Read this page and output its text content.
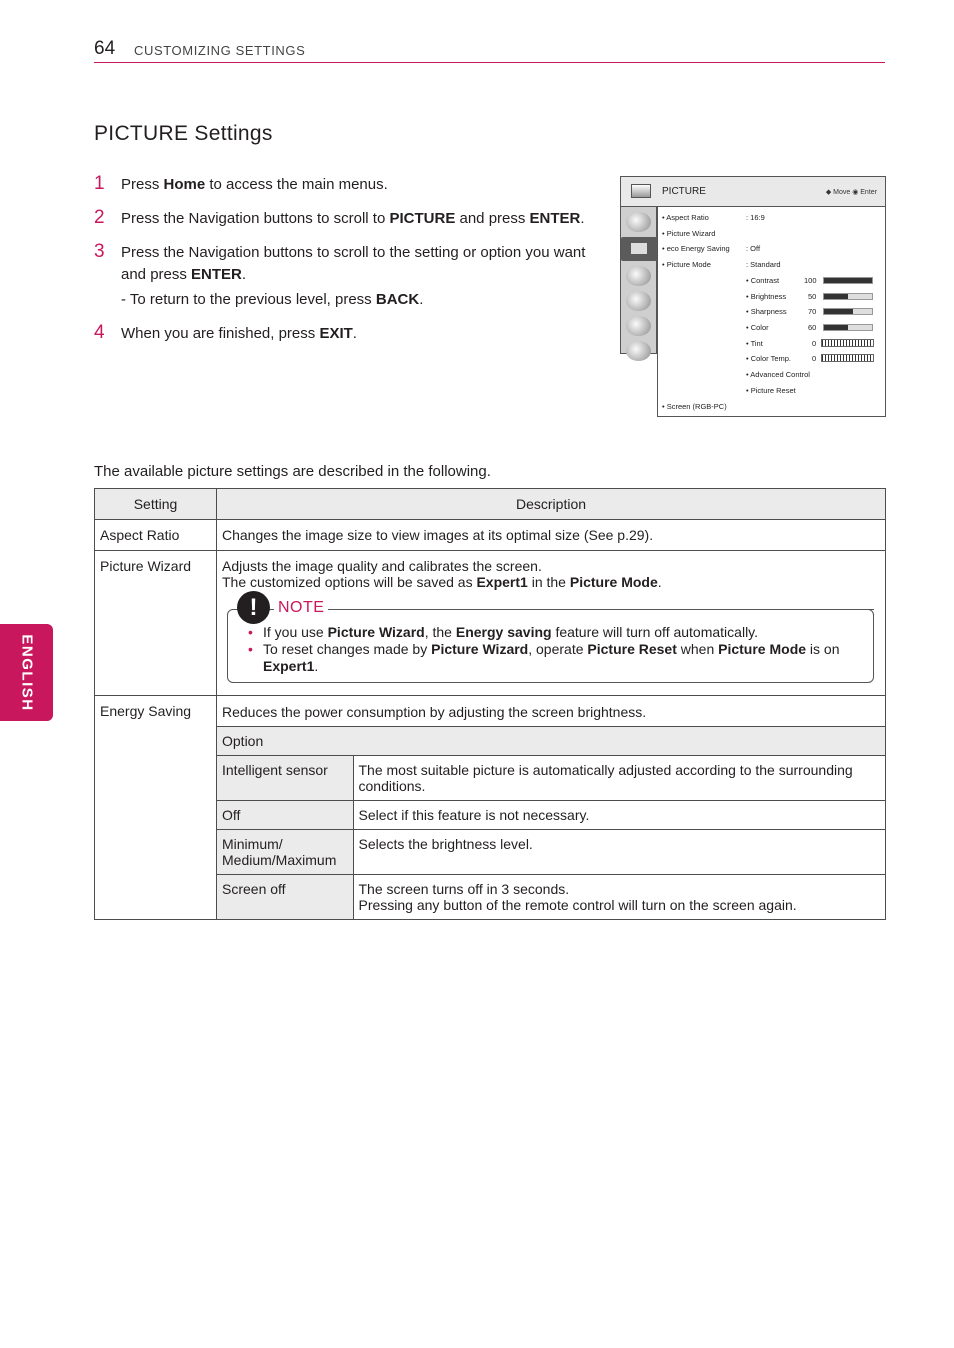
64 CUSTOMIZING SETTINGS
ENGLISH
PICTURE Settings
1 Press Home to access the main menus.
2 Press the Navigation buttons to scroll to PICTURE and press ENTER.
3 Press the Navigation buttons to scroll to the setting or option you want and press ENTER.
- To return to the previous level, press BACK.
4 When you are finished, press EXIT.
PICTURE	◆ Move ◉ Enter
• Aspect Ratio	: 16:9
• Picture Wizard
• eco Energy Saving : Off
• Picture Mode	: Standard
• Contrast	100
• Brightness	50
• Sharpness	70
• Color	60
• Tint	0
• Color Temp.	0
• Advanced Control
• Picture Reset
• Screen (RGB-PC)
The available picture settings are described in the following.
Setting	Description
Aspect Ratio	Changes the image size to view images at its optimal size (See p.29).
Picture Wizard	Adjusts the image quality and calibrates the screen.
The customized options will be saved as Expert1 in the Picture Mode.
!	NOTE
• If you use Picture Wizard, the Energy saving feature will turn off automatically.
• To reset changes made by Picture Wizard, operate Picture Reset when Picture Mode is on Expert1.

Energy Saving	Reduces the power consumption by adjusting the screen brightness.
Option
Intelligent sensor	The most suitable picture is automatically adjusted according to the surrounding conditions.
Off	Select if this feature is not necessary.
Minimum/ Medium/Maximum	Selects the brightness level.
Screen off	The screen turns off in 3 seconds.
Pressing any button of the remote control will turn on the screen again.
